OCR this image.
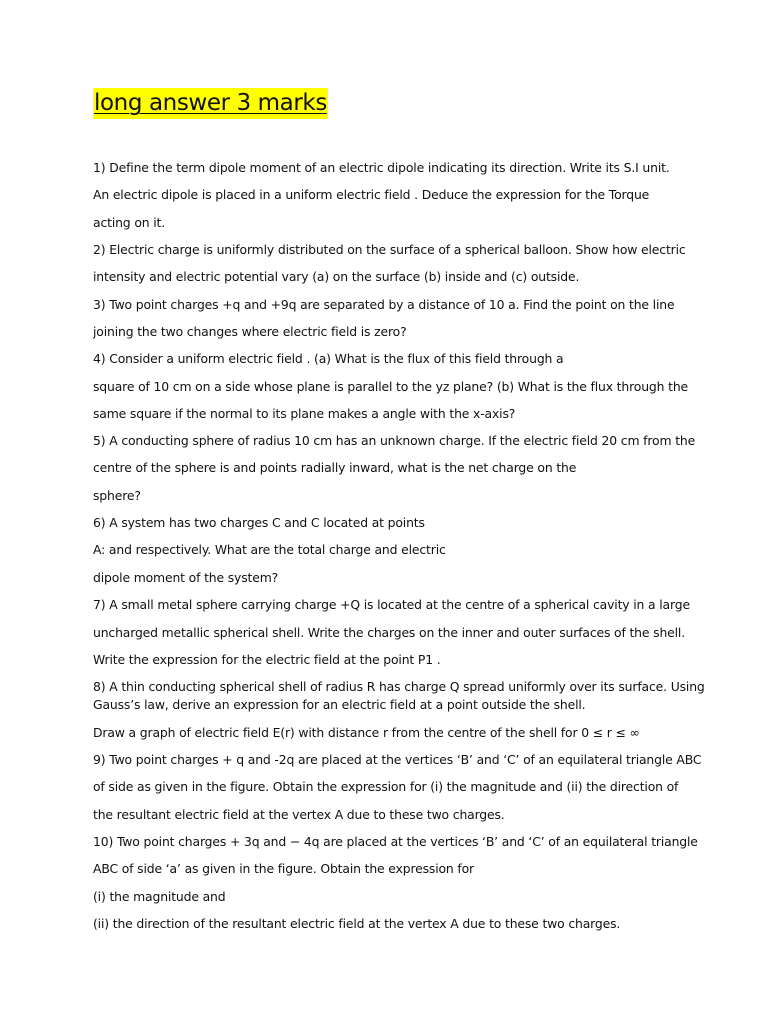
long answer 3 marks
1) Define the term dipole moment of an electric dipole indicating its direction. Write its S.I unit.
An electric dipole is placed in a uniform electric field . Deduce the expression for the Torque
acting on it.
2) Electric charge is uniformly distributed on the surface of a spherical balloon. Show how electric
intensity and electric potential vary (a) on the surface (b) inside and (c) outside.
3) Two point charges +q and +9q are separated by a distance of 10 a. Find the point on the line
joining the two changes where electric field is zero?
4) Consider a uniform electric field . (a) What is the flux of this field through a
square of 10 cm on a side whose plane is parallel to the yz plane? (b) What is the flux through the
same square if the normal to its plane makes a angle with the x-axis?
5) A conducting sphere of radius 10 cm has an unknown charge. If the electric field 20 cm from the
centre of the sphere is and points radially inward, what is the net charge on the
sphere?
6) A system has two charges C and C located at points
A: and respectively. What are the total charge and electric
dipole moment of the system?
7) A small metal sphere carrying charge +Q is located at the centre of a spherical cavity in a large
uncharged metallic spherical shell. Write the charges on the inner and outer surfaces of the shell.
Write the expression for the electric field at the point P1 .
8) A thin conducting spherical shell of radius R has charge Q spread uniformly over its surface. Using
Gauss’s law, derive an expression for an electric field at a point outside the shell.
Draw a graph of electric field E(r) with distance r from the centre of the shell for 0 ≤ r ≤ ∞
9) Two point charges + q and -2q are placed at the vertices ‘B’ and ‘C’ of an equilateral triangle ABC
of side as given in the figure. Obtain the expression for (i) the magnitude and (ii) the direction of
the resultant electric field at the vertex A due to these two charges.
10) Two point charges + 3q and − 4q are placed at the vertices ‘B’ and ‘C’ of an equilateral triangle
ABC of side ‘a’ as given in the figure. Obtain the expression for
(i) the magnitude and
(ii) the direction of the resultant electric field at the vertex A due to these two charges.
